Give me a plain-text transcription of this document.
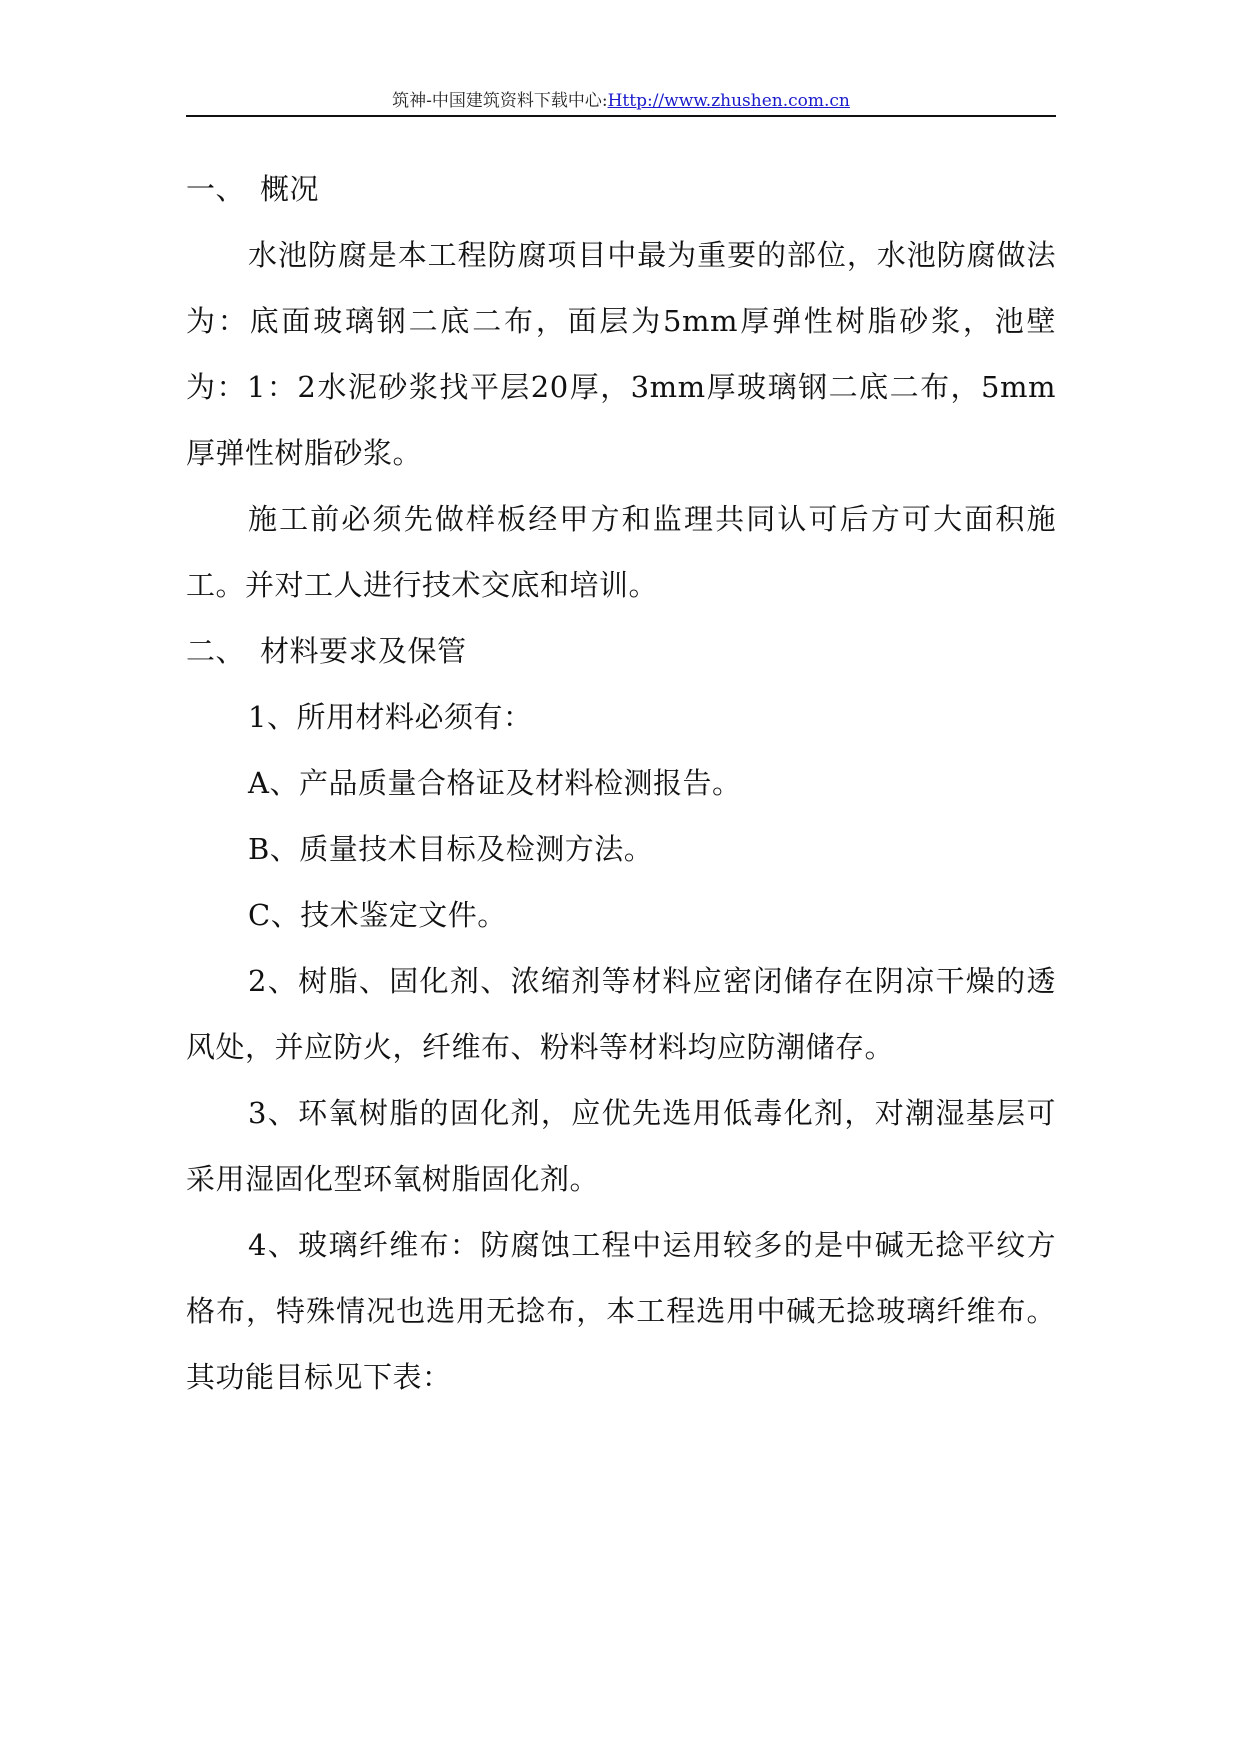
筑神-中国建筑资料下载中心:Http://www.zhushen.com.cn

一、 概况

水池防腐是本工程防腐项目中最为重要的部位，水池防腐做法为：底面玻璃钢二底二布，面层为5mm厚弹性树脂砂浆，池壁为：1：2水泥砂浆找平层20厚，3mm厚玻璃钢二底二布，5mm厚弹性树脂砂浆。

施工前必须先做样板经甲方和监理共同认可后方可大面积施工。并对工人进行技术交底和培训。

二、 材料要求及保管

1、所用材料必须有：

A、产品质量合格证及材料检测报告。

B、质量技术目标及检测方法。

C、技术鉴定文件。

2、树脂、固化剂、浓缩剂等材料应密闭储存在阴凉干燥的透风处，并应防火，纤维布、粉料等材料均应防潮储存。

3、环氧树脂的固化剂，应优先选用低毒化剂，对潮湿基层可采用湿固化型环氧树脂固化剂。

4、玻璃纤维布：防腐蚀工程中运用较多的是中碱无捻平纹方格布，特殊情况也选用无捻布，本工程选用中碱无捻玻璃纤维布。其功能目标见下表：
